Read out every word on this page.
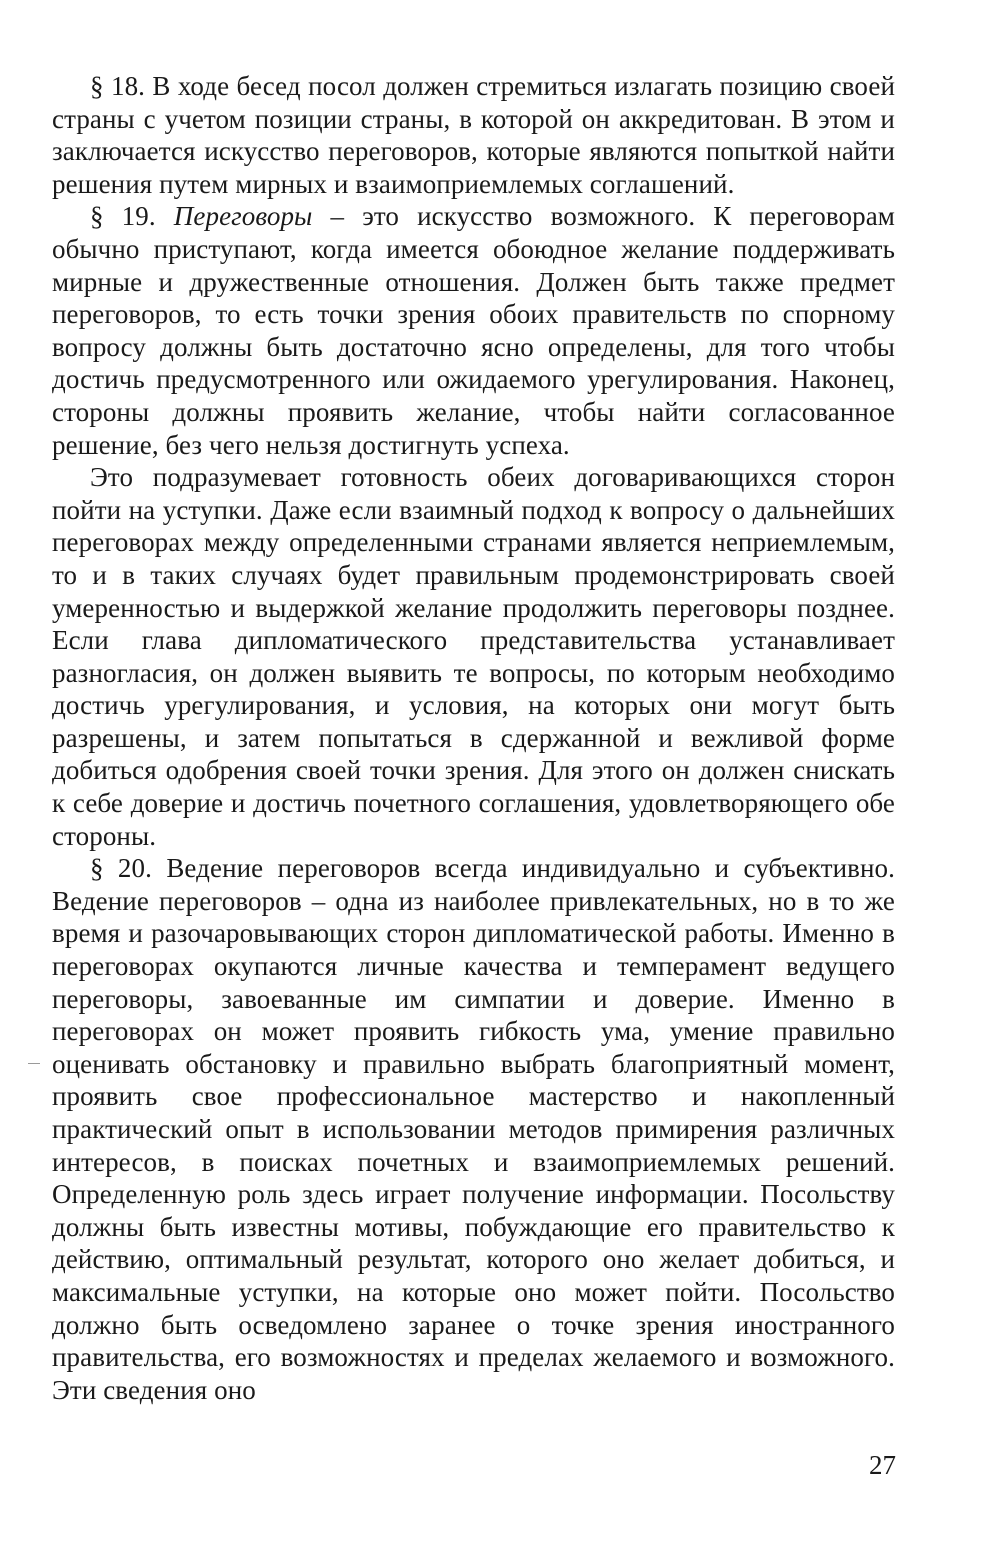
§ 18. В ходе бесед посол должен стремиться излагать позицию своей страны с учетом позиции страны, в которой он аккредитован. В этом и заключается искусство переговоров, которые являются попыткой найти решения путем мирных и взаимоприемлемых соглашений.

§ 19. Переговоры – это искусство возможного. К переговорам обычно приступают, когда имеется обоюдное желание поддерживать мирные и дружественные отношения. Должен быть также предмет переговоров, то есть точки зрения обоих правительств по спорному вопросу должны быть достаточно ясно определены, для того чтобы достичь предусмотренного или ожидаемого урегулирования. Наконец, стороны должны проявить желание, чтобы найти согласованное решение, без чего нельзя достигнуть успеха.

Это подразумевает готовность обеих договаривающихся сторон пойти на уступки. Даже если взаимный подход к вопросу о дальнейших переговорах между определенными странами является неприемлемым, то и в таких случаях будет правильным продемонстрировать своей умеренностью и выдержкой желание продолжить переговоры позднее. Если глава дипломатического представительства устанавливает разногласия, он должен выявить те вопросы, по которым необходимо достичь урегулирования, и условия, на которых они могут быть разрешены, и затем попытаться в сдержанной и вежливой форме добиться одобрения своей точки зрения. Для этого он должен снискать к себе доверие и достичь почетного соглашения, удовлетворяющего обе стороны.

§ 20. Ведение переговоров всегда индивидуально и субъективно. Ведение переговоров – одна из наиболее привлекательных, но в то же время и разочаровывающих сторон дипломатической работы. Именно в переговорах окупаются личные качества и темперамент ведущего переговоры, завоеванные им симпатии и доверие. Именно в переговорах он может проявить гибкость ума, умение правильно оценивать обстановку и правильно выбрать благоприятный момент, проявить свое профессиональное мастерство и накопленный практический опыт в использовании методов примирения различных интересов, в поисках почетных и взаимоприемлемых решений. Определенную роль здесь играет получение информации. Посольству должны быть известны мотивы, побуждающие его правительство к действию, оптимальный результат, которого оно желает добиться, и максимальные уступки, на которые оно может пойти. Посольство должно быть осведомлено заранее о точке зрения иностранного правительства, его возможностях и пределах желаемого и возможного. Эти сведения оно

27
